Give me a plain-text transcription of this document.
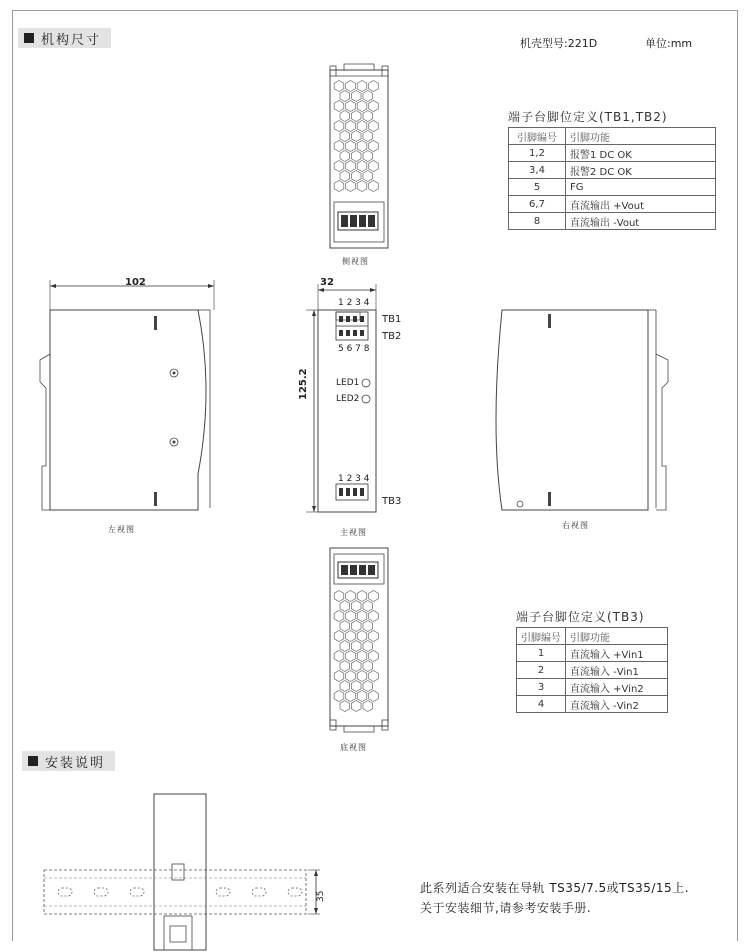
机构尺寸	机壳型号:221D	单位:mm
侧视图
左视图
32
125.2
1 2 3 4
TB1
TB2
5 6 7 8
LED1
LED2
1 2 3 4
TB3
主视图
右视图
底视图
端子台脚位定义(TB1,TB2)
引脚编号	引脚功能
1,2	报警1 DC OK
3,4	报警2 DC OK
5	FG
6,7	直流输出 +Vout
8	直流输出 -Vout
端子台脚位定义(TB3)
引脚编号	引脚功能
1	直流输入 +Vin1
2	直流输入 -Vin1
3	直流输入 +Vin2
4	直流输入 -Vin2
安装说明
35
此系列适合安装在导轨 TS35/7.5或TS35/15上.
关于安装细节,请参考安装手册.
102
